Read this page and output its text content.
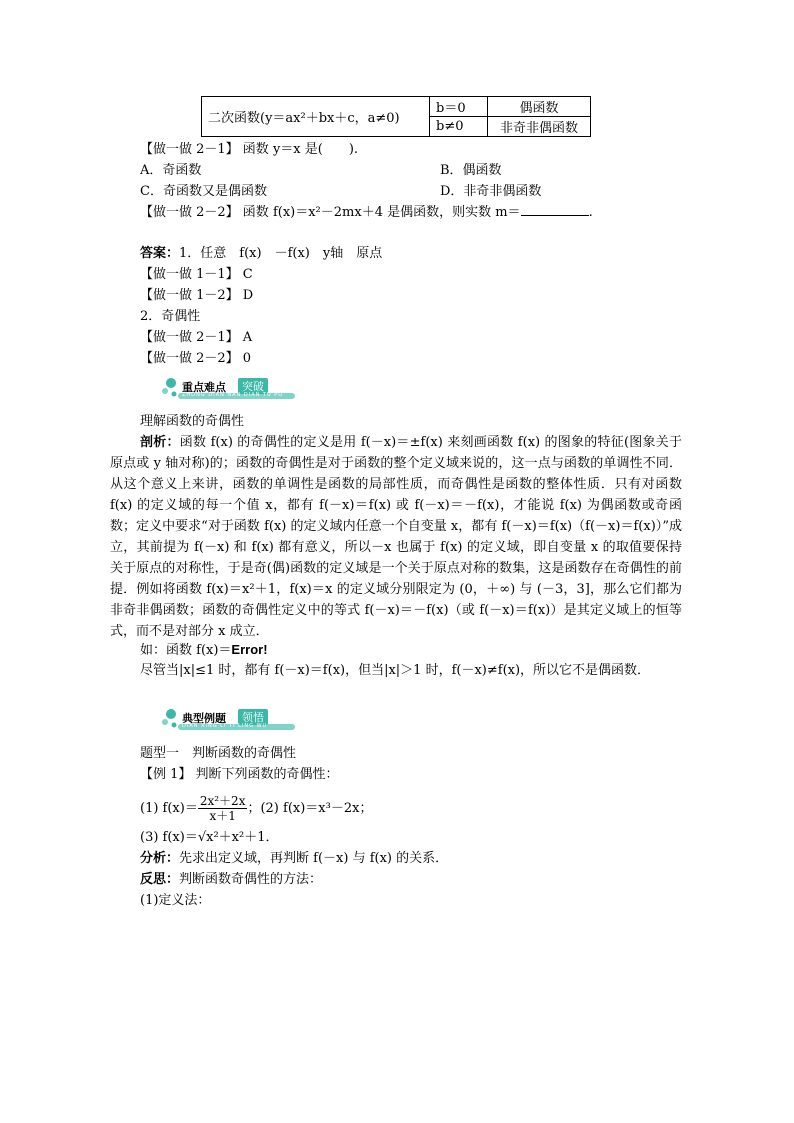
二次函数(y＝ax²＋bx＋c，a≠0)	b＝0	偶函数
	b≠0	非奇非偶函数
【做一做 2－1】 函数 y＝x 是(　　).
A．奇函数	B．偶函数
C．奇函数又是偶函数	D．非奇非偶函数
【做一做 2－2】 函数 f(x)＝x²－2mx＋4 是偶函数，则实数 m＝	.
答案：1．任意　f(x)　－f(x)　y轴　原点
【做一做 1－1】 C
【做一做 1－2】 D
2．奇偶性
【做一做 2－1】 A
【做一做 2－2】 0
重点难点	突破
ZHONG DIAN NAN DIAN TU PO
理解函数的奇偶性
剖析：函数 f(x) 的奇偶性的定义是用 f(－x)＝±f(x) 来刻画函数 f(x) 的图象的特征(图象关于原点或 y 轴对称)的；函数的奇偶性是对于函数的整个定义域来说的，这一点与函数的单调性不同．从这个意义上来讲，函数的单调性是函数的局部性质，而奇偶性是函数的整体性质．只有对函数 f(x) 的定义域的每一个值 x，都有 f(－x)＝f(x) 或 f(－x)＝－f(x)，才能说 f(x) 为偶函数或奇函数；定义中要求“对于函数 f(x) 的定义域内任意一个自变量 x，都有 f(－x)＝f(x)（f(－x)＝f(x)）”成立，其前提为 f(－x) 和 f(x) 都有意义，所以－x 也属于 f(x) 的定义域，即自变量 x 的取值要保持关于原点的对称性，于是奇(偶)函数的定义域是一个关于原点对称的数集，这是函数存在奇偶性的前提．例如将函数 f(x)＝x²＋1，f(x)＝x 的定义域分别限定为 (0，＋∞) 与 (－3，3]，那么它们都为非奇非偶函数；函数的奇偶性定义中的等式 f(－x)＝－f(x)（或 f(－x)＝f(x)）是其定义域上的恒等式，而不是对部分 x 成立．
如：函数 f(x)＝Error!
尽管当|x|≤1 时，都有 f(－x)＝f(x)，但当|x|＞1 时，f(－x)≠f(x)，所以它不是偶函数．
典型例题	领悟
DIAN XING LI TI LING WU
题型一　判断函数的奇偶性
【例 1】 判断下列函数的奇偶性：
(1) $f(x)= \frac{\text{2x²＋2x}}{x+1}$ ；(2) f(x)＝x³－2x；
(3) f(x)＝√x²＋x²＋1．
分析：先求出定义域，再判断 f(－x) 与 f(x) 的关系．
反思：判断函数奇偶性的方法：
(1)定义法：
